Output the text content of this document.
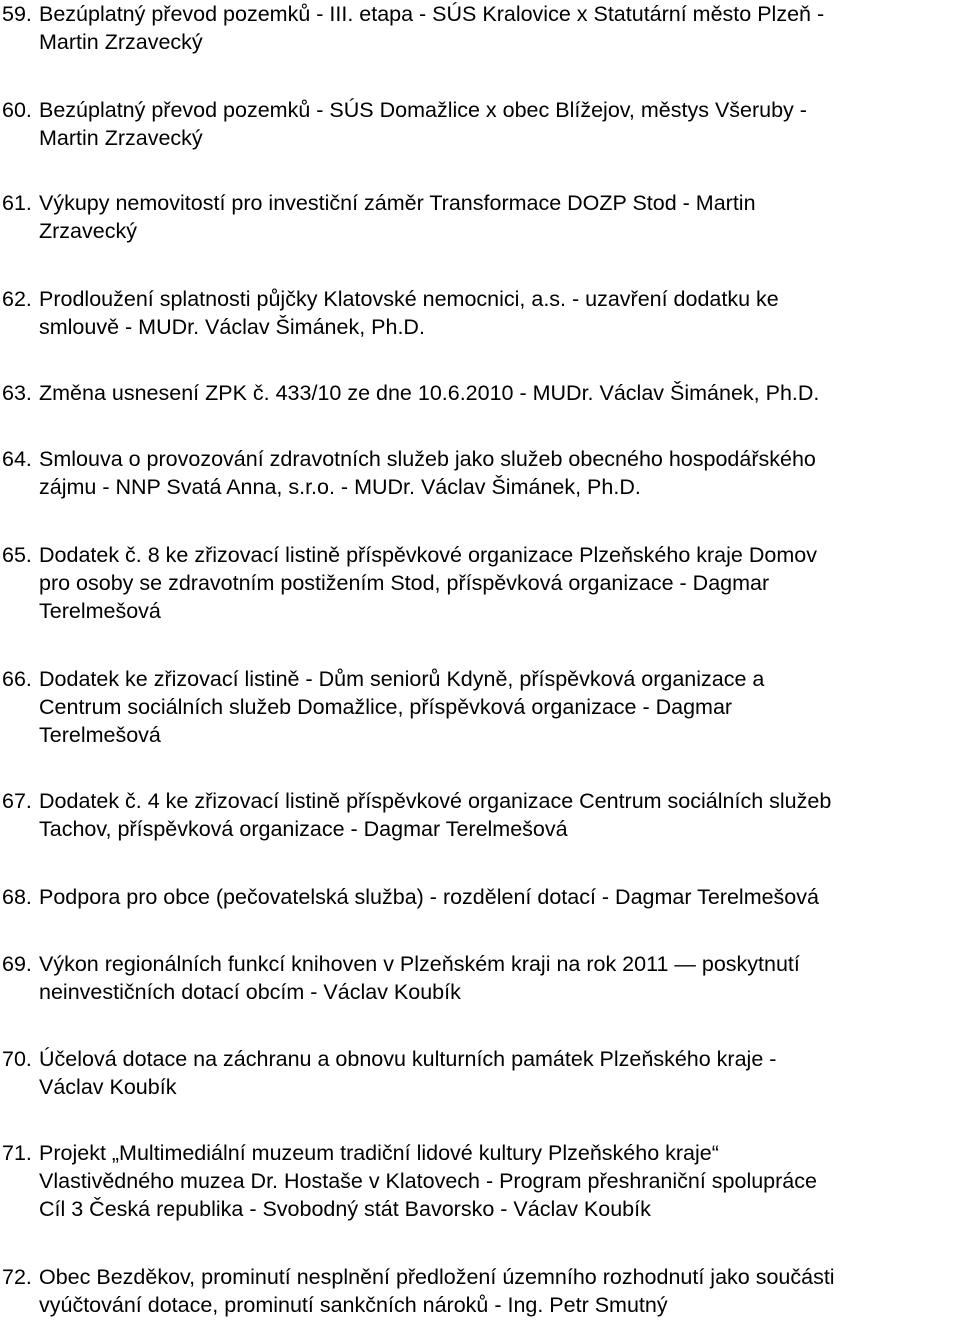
59. Bezúplatný převod pozemků - III. etapa - SÚS Kralovice x Statutární město Plzeň -
Martin Zrzavecký
60. Bezúplatný převod pozemků - SÚS Domažlice x obec Blížejov, městys Všeruby -
Martin Zrzavecký
61. Výkupy nemovitostí pro investiční záměr Transformace DOZP Stod - Martin
Zrzavecký
62. Prodloužení splatnosti půjčky Klatovské nemocnici, a.s. - uzavření dodatku ke
smlouvě - MUDr. Václav Šimánek, Ph.D.
63. Změna usnesení ZPK č. 433/10 ze dne 10.6.2010 - MUDr. Václav Šimánek, Ph.D.
64. Smlouva o provozování zdravotních služeb jako služeb obecného hospodářského
zájmu - NNP Svatá Anna, s.r.o. - MUDr. Václav Šimánek, Ph.D.
65. Dodatek č. 8 ke zřizovací listině příspěvkové organizace Plzeňského kraje Domov
pro osoby se zdravotním postižením Stod, příspěvková organizace - Dagmar
Terelmešová
66. Dodatek ke zřizovací listině - Dům seniorů Kdyně, příspěvková organizace a
Centrum sociálních služeb Domažlice, příspěvková organizace - Dagmar
Terelmešová
67. Dodatek č. 4 ke zřizovací listině příspěvkové organizace Centrum sociálních služeb
Tachov, příspěvková organizace - Dagmar Terelmešová
68. Podpora pro obce (pečovatelská služba) - rozdělení dotací - Dagmar Terelmešová
69. Výkon regionálních funkcí knihoven v Plzeňském kraji na rok 2011 — poskytnutí
neinvestičních dotací obcím - Václav Koubík
70. Účelová dotace na záchranu a obnovu kulturních památek Plzeňského kraje -
Václav Koubík
71. Projekt „Multimediální muzeum tradiční lidové kultury Plzeňského kraje“
Vlastivědného muzea Dr. Hostaše v Klatovech - Program přeshraniční spolupráce
Cíl 3 Česká republika - Svobodný stát Bavorsko - Václav Koubík
72. Obec Bezděkov, prominutí nesplnění předložení územního rozhodnutí jako součásti
vyúčtování dotace, prominutí sankčních nároků - Ing. Petr Smutný
